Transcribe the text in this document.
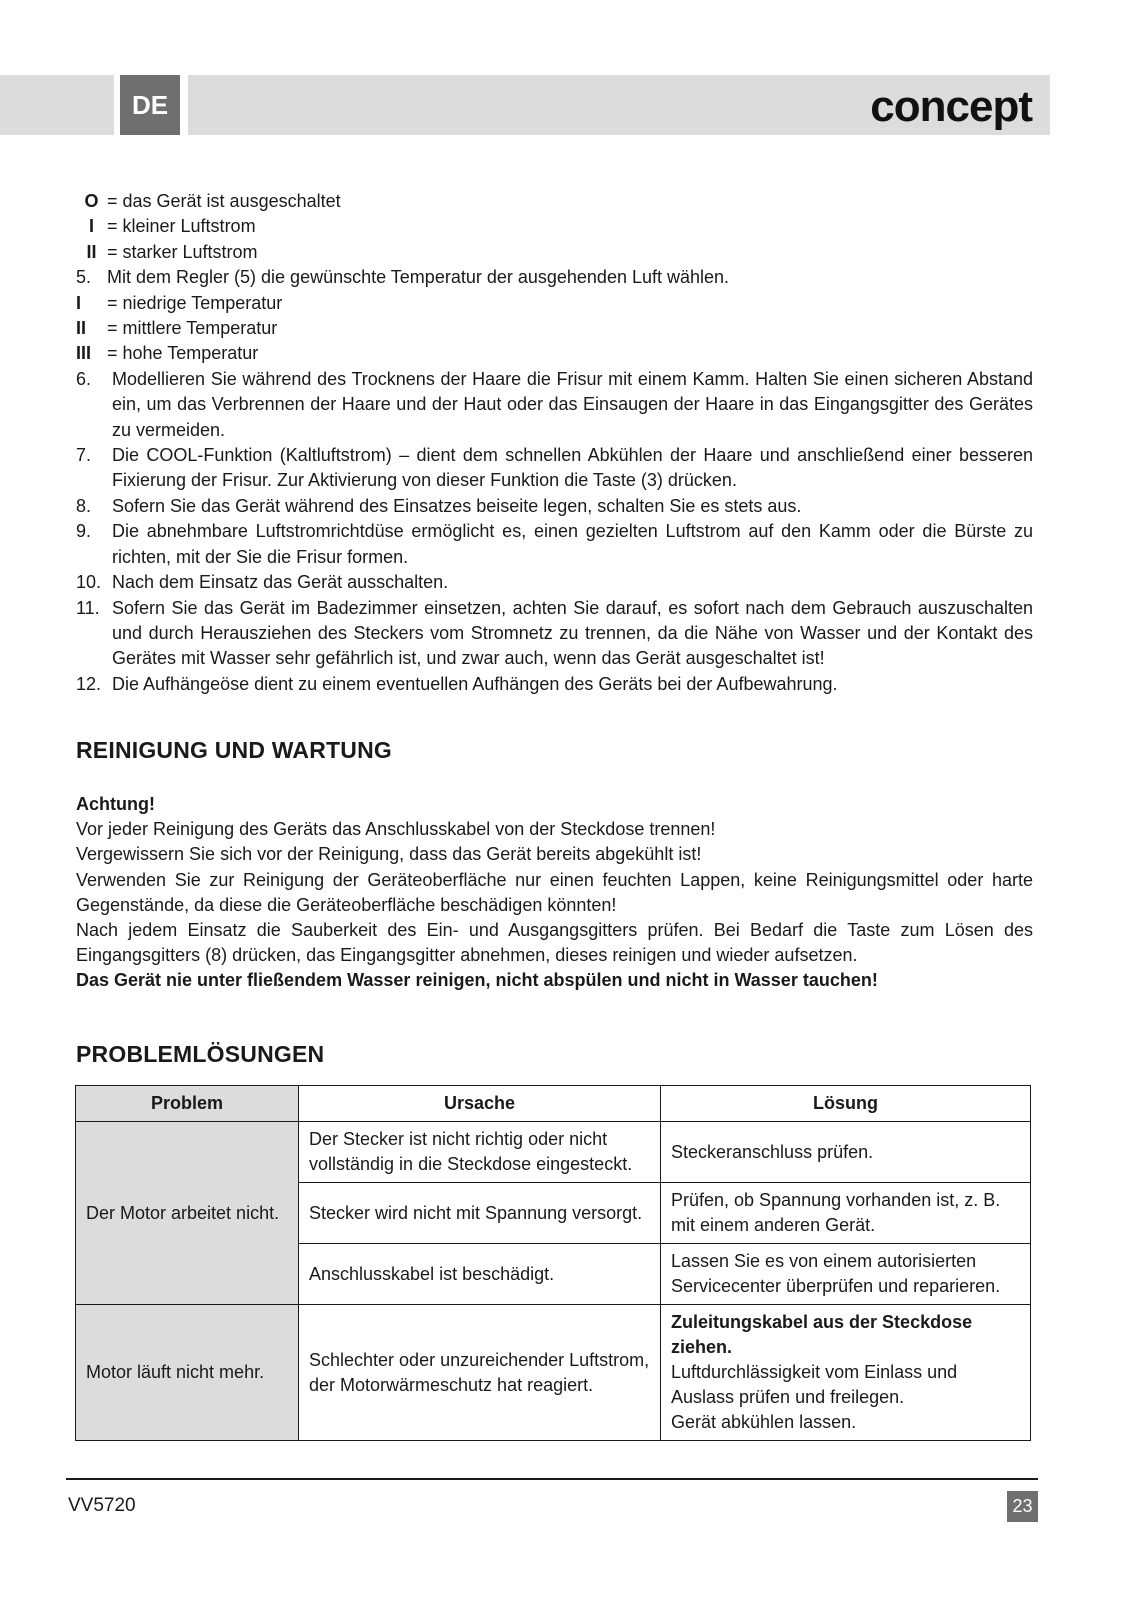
DE	concept
O = das Gerät ist ausgeschaltet
I = kleiner Luftstrom
II = starker Luftstrom
5. Mit dem Regler (5) die gewünschte Temperatur der ausgehenden Luft wählen.
I	= niedrige Temperatur
II	= mittlere Temperatur
III = hohe Temperatur
6.	Modellieren Sie während des Trocknens der Haare die Frisur mit einem Kamm. Halten Sie einen sicheren Abstand ein, um das Verbrennen der Haare und der Haut oder das Einsaugen der Haare in das Eingangsgitter des Gerätes zu vermeiden.
7.	Die COOL-Funktion (Kaltluftstrom) – dient dem schnellen Abkühlen der Haare und anschließend einer besseren Fixierung der Frisur. Zur Aktivierung von dieser Funktion die Taste (3) drücken.
8.	Sofern Sie das Gerät während des Einsatzes beiseite legen, schalten Sie es stets aus.
9.	Die abnehmbare Luftstromrichtdüse ermöglicht es, einen gezielten Luftstrom auf den Kamm oder die Bürste zu richten, mit der Sie die Frisur formen.
10. Nach dem Einsatz das Gerät ausschalten.
11. Sofern Sie das Gerät im Badezimmer einsetzen, achten Sie darauf, es sofort nach dem Gebrauch auszuschalten und durch Herausziehen des Steckers vom Stromnetz zu trennen, da die Nähe von Wasser und der Kontakt des Gerätes mit Wasser sehr gefährlich ist, und zwar auch, wenn das Gerät ausgeschaltet ist!
12. Die Aufhängeöse dient zu einem eventuellen Aufhängen des Geräts bei der Aufbewahrung.
REINIGUNG UND WARTUNG

Achtung!

Vor jeder Reinigung des Geräts das Anschlusskabel von der Steckdose trennen!

Vergewissern Sie sich vor der Reinigung, dass das Gerät bereits abgekühlt ist!

Verwenden Sie zur Reinigung der Geräteoberfläche nur einen feuchten Lappen, keine Reinigungsmittel oder harte Gegenstände, da diese die Geräteoberfläche beschädigen könnten!

Nach jedem Einsatz die Sauberkeit des Ein- und Ausgangsgitters prüfen. Bei Bedarf die Taste zum Lösen des Eingangsgitters (8) drücken, das Eingangsgitter abnehmen, dieses reinigen und wieder aufsetzen.

Das Gerät nie unter fließendem Wasser reinigen, nicht abspülen und nicht in Wasser tauchen!

PROBLEMLÖSUNGEN
Problem	Ursache	Lösung
Der Motor arbeitet nicht.	Der Stecker ist nicht richtig oder nicht vollständig in die Steckdose eingesteckt.	Steckeranschluss prüfen.
	Stecker wird nicht mit Spannung versorgt.	Prüfen, ob Spannung vorhanden ist, z. B. mit einem anderen Gerät.
	Anschlusskabel ist beschädigt.	Lassen Sie es von einem autorisierten Servicecenter überprüfen und reparieren.
Motor läuft nicht mehr.	Schlechter oder unzureichender Luftstrom, der Motorwärmeschutz hat reagiert.	Zuleitungskabel aus der Steckdose ziehen.
Luftdurchlässigkeit vom Einlass und Auslass prüfen und freilegen.
Gerät abkühlen lassen.
VV5720	23
